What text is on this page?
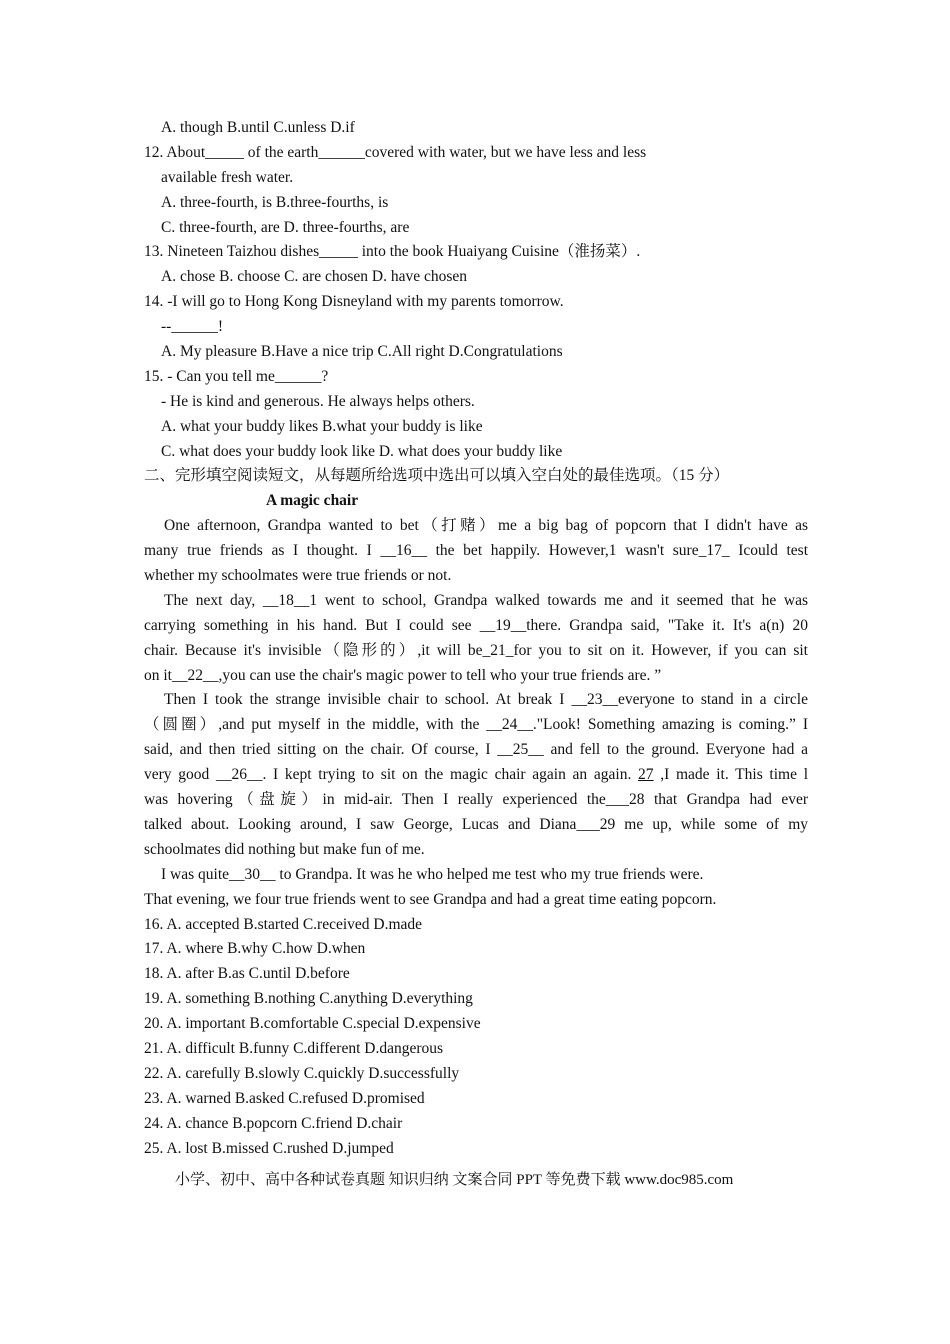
A. though B.until C.unless D.if
12. About_____ of the earth______covered with water, but we have less and less
available fresh water.
A. three-fourth, is B.three-fourths, is
C. three-fourth, are D. three-fourths, are
13. Nineteen Taizhou dishes_____ into the book Huaiyang Cuisine（淮扬菜）.
A. chose B. choose C. are chosen D. have chosen
14. -I will go to Hong Kong Disneyland with my parents tomorrow.
--______!
A. My pleasure B.Have a nice trip C.All right D.Congratulations
15. - Can you tell me______?
- He is kind and generous. He always helps others.
A. what your buddy likes B.what your buddy is like
C. what does your buddy look like D. what does your buddy like
二、完形填空阅读短文，从每题所给选项中选出可以填入空白处的最佳选项。（15 分）
A magic chair
One afternoon, Grandpa wanted to bet（打赌）me a big bag of popcorn that I didn't have as
many true friends as I thought. I __16__ the bet happily. However,1 wasn't sure_17_ Icould test
whether my schoolmates were true friends or not.
The next day, __18__1 went to school, Grandpa walked towards me and it seemed that he was
carrying something in his hand. But I could see __19__there. Grandpa said, "Take it. It's a(n) 20
chair. Because it's invisible（隐形的）,it will be_21_for you to sit on it. However, if you can sit
on it__22__,you can use the chair's magic power to tell who your true friends are. ”
Then I took the strange invisible chair to school. At break I __23__everyone to stand in a circle
（圆圈）,and put myself in the middle, with the __24__."Look! Something amazing is coming.” I
said, and then tried sitting on the chair. Of course, I __25__ and fell to the ground. Everyone had a
very good __26__. I kept trying to sit on the magic chair again an again. 27 ,I made it. This time l
was hovering（盘旋）in mid-air. Then I really experienced the___28 that Grandpa had ever
talked about. Looking around, I saw George, Lucas and Diana___29 me up, while some of my
schoolmates did nothing but make fun of me.
I was quite__30__ to Grandpa. It was he who helped me test who my true friends were.
That evening, we four true friends went to see Grandpa and had a great time eating popcorn.
16. A. accepted B.started C.received D.made
17. A. where B.why C.how D.when
18. A. after B.as C.until D.before
19. A. something B.nothing C.anything D.everything
20. A. important B.comfortable C.special D.expensive
21. A. difficult B.funny C.different D.dangerous
22. A. carefully B.slowly C.quickly D.successfully
23. A. warned B.asked C.refused D.promised
24. A. chance B.popcorn C.friend D.chair
25. A. lost B.missed C.rushed D.jumped
小学、初中、高中各种试卷真题 知识归纳 文案合同 PPT 等免费下载 www.doc985.com
